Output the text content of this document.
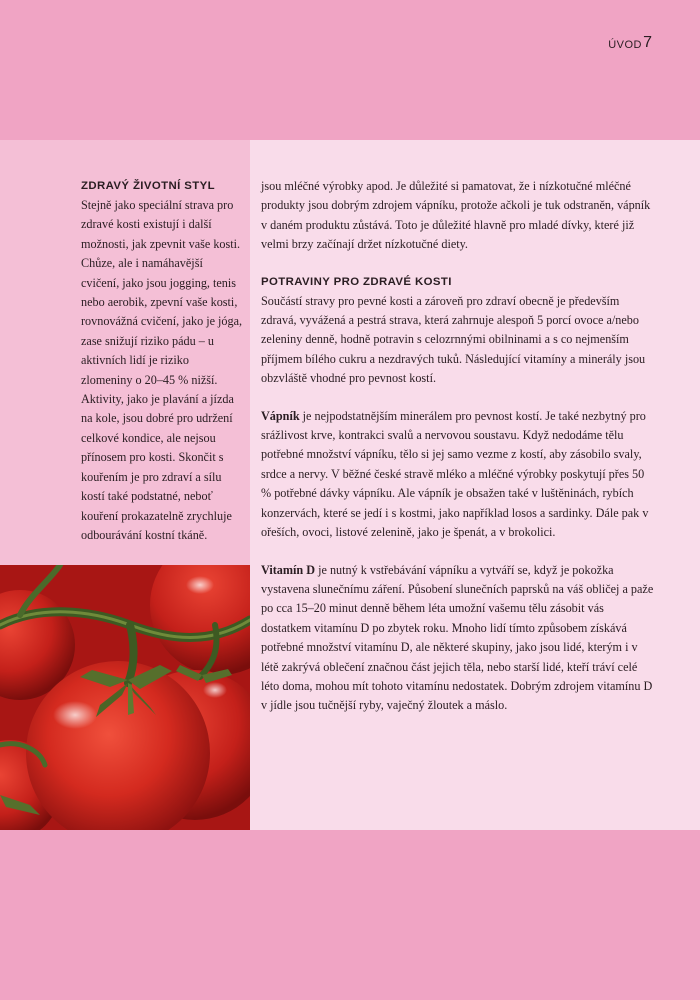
ÚVOD 7
ZDRAVÝ ŽIVOTNÍ STYL

Stejně jako speciální strava pro zdravé kosti existují i další možnosti, jak zpevnit vaše kosti. Chůze, ale i namáhavější cvičení, jako jsou jogging, tenis nebo aerobik, zpevní vaše kosti, rovnovážná cvičení, jako je jóga, zase snižují riziko pádu – u aktivních lidí je riziko zlomeniny o 20–45 % nižší. Aktivity, jako je plavání a jízda na kole, jsou dobré pro udržení celkové kondice, ale nejsou přínosem pro kosti. Skončit s kouřením je pro zdraví a sílu kostí také podstatné, neboť kouření prokazatelně zrychluje odbourávání kostní tkáně.

jsou mléčné výrobky apod. Je důležité si pamatovat, že i nízkotučné mléčné produkty jsou dobrým zdrojem vápníku, protože ačkoli je tuk odstraněn, vápník v daném produktu zůstává. Toto je důležité hlavně pro mladé dívky, které již velmi brzy začínají držet nízkotučné diety.

POTRAVINY PRO ZDRAVÉ KOSTI

Součástí stravy pro pevné kosti a zároveň pro zdraví obecně je především zdravá, vyvážená a pestrá strava, která zahrnuje alespoň 5 porcí ovoce a/nebo zeleniny denně, hodně potravin s celozrnnými obilninami a s co nejmenším příjmem bílého cukru a nezdravých tuků. Následující vitamíny a minerály jsou obzvláště vhodné pro pevnost kostí.

Vápník je nejpodstatnějším minerálem pro pevnost kostí. Je také nezbytný pro srážlivost krve, kontrakci svalů a nervovou soustavu. Když nedodáme tělu potřebné množství vápníku, tělo si jej samo vezme z kostí, aby zásobilo svaly, srdce a nervy. V běžné české stravě mléko a mléčné výrobky poskytují přes 50 % potřebné dávky vápníku. Ale vápník je obsažen také v luštěninách, rybích konzervách, které se jedí i s kostmi, jako například losos a sardinky. Dále pak v ořeších, ovoci, listové zelenině, jako je špenát, a v brokolici.

Vitamín D je nutný k vstřebávání vápníku a vytváří se, když je pokožka vystavena slunečnímu záření. Působení slunečních paprsků na váš obličej a paže po cca 15–20 minut denně během léta umožní vašemu tělu zásobit vás dostatkem vitamínu D po zbytek roku. Mnoho lidí tímto způsobem získává potřebné množství vitamínu D, ale některé skupiny, jako jsou lidé, kterým i v létě zakrývá oblečení značnou část jejich těla, nebo starší lidé, kteří tráví celé léto doma, mohou mít tohoto vitamínu nedostatek. Dobrým zdrojem vitamínu D v jídle jsou tučnější ryby, vaječný žloutek a máslo.
